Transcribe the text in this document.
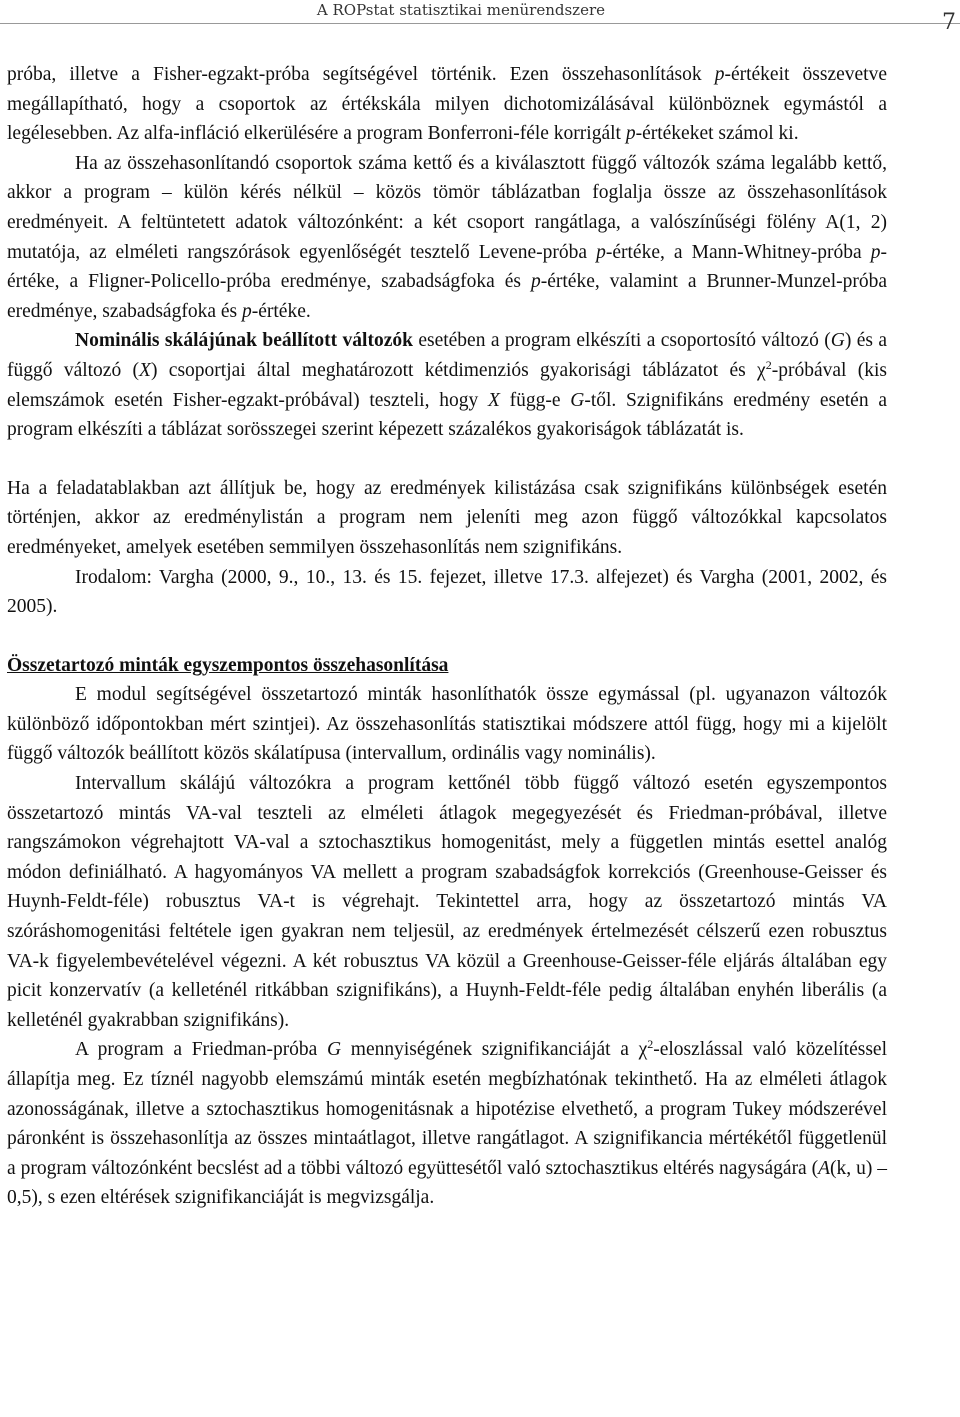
A ROPstat statisztikai menürendszere	7

próba, illetve a Fisher-egzakt-próba segítségével történik. Ezen összehasonlítások p-értékeit összevetve megállapítható, hogy a csoportok az értékskála milyen dichotomizálásával különböznek egymástól a legélesebben. Az alfa-infláció elkerülésére a program Bonferroni-féle korrigált p-értékeket számol ki.

Ha az összehasonlítandó csoportok száma kettő és a kiválasztott függő változók száma legalább kettő, akkor a program – külön kérés nélkül – közös tömör táblázatban foglalja össze az összehasonlítások eredményeit. A feltüntetett adatok változónként: a két csoport rangátlaga, a valószínűségi fölény A(1, 2) mutatója, az elméleti rangszórások egyenlőségét tesztelő Levene-próba p-értéke, a Mann-Whitney-próba p-értéke, a Fligner-Policello-próba eredménye, szabadságfoka és p-értéke, valamint a Brunner-Munzel-próba eredménye, szabadságfoka és p-értéke.

Nominális skálájúnak beállított változók esetében a program elkészíti a csoportosító változó (G) és a függő változó (X) csoportjai által meghatározott kétdimenziós gyakorisági táblázatot és $\chi^2$-próbával (kis elemszámok esetén Fisher-egzakt-próbával) teszteli, hogy X függ-e G-től. Szignifikáns eredmény esetén a program elkészíti a táblázat sorösszegei szerint képezett százalékos gyakoriságok táblázatát is.

Ha a feladatablakban azt állítjuk be, hogy az eredmények kilistázása csak szignifikáns különbségek esetén történjen, akkor az eredménylistán a program nem jeleníti meg azon függő változókkal kapcsolatos eredményeket, amelyek esetében semmilyen összehasonlítás nem szignifikáns.

Irodalom: Vargha (2000, 9., 10., 13. és 15. fejezet, illetve 17.3. alfejezet) és Vargha (2001, 2002, és 2005).

Összetartozó minták egyszempontos összehasonlítása

E modul segítségével összetartozó minták hasonlíthatók össze egymással (pl. ugyanazon változók különböző időpontokban mért szintjei). Az összehasonlítás statisztikai módszere attól függ, hogy mi a kijelölt függő változók beállított közös skálatípusa (intervallum, ordinális vagy nominális).

Intervallum skálájú változókra a program kettőnél több függő változó esetén egyszempontos összetartozó mintás VA-val teszteli az elméleti átlagok megegyezését és Friedman-próbával, illetve rangszámokon végrehajtott VA-val a sztochasztikus homogenitást, mely a független mintás esettel analóg módon definiálható. A hagyományos VA mellett a program szabadságfok korrekciós (Greenhouse-Geisser és Huynh-Feldt-féle) robusztus VA-t is végrehajt. Tekintettel arra, hogy az összetartozó mintás VA szóráshomogenitási feltétele igen gyakran nem teljesül, az eredmények értelmezését célszerű ezen robusztus VA-k figyelembevételével végezni. A két robusztus VA közül a Greenhouse-Geisser-féle eljárás általában egy picit konzervatív (a kelleténél ritkábban szignifikáns), a Huynh-Feldt-féle pedig általában enyhén liberális (a kelleténél gyakrabban szignifikáns).

A program a Friedman-próba G mennyiségének szignifikanciáját a $\chi^2$-eloszlással való közelítéssel állapítja meg. Ez tíznél nagyobb elemszámú minták esetén megbízhatónak tekinthető. Ha az elméleti átlagok azonosságának, illetve a sztochasztikus homogenitásnak a hipotézise elvethető, a program Tukey módszerével páronként is összehasonlítja az összes mintaátlagot, illetve rangátlagot. A szignifikancia mértékétől függetlenül a program változónként becslést ad a többi változó együttesétől való sztochasztikus eltérés nagyságára (A(k, u) – 0,5), s ezen eltérések szignifikanciáját is megvizsgálja.
